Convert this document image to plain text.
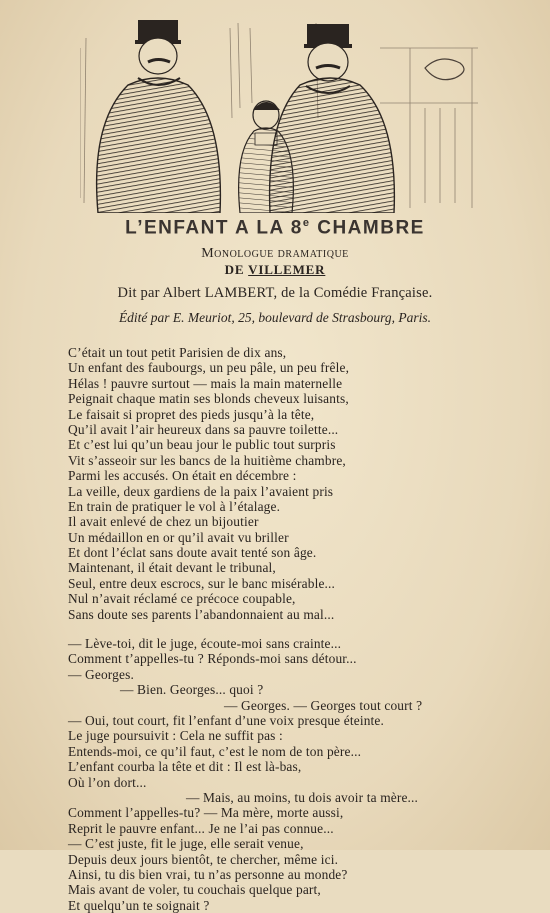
L’ENFANT A LA 8e CHAMBRE
Monologue dramatique
DE VILLEMER
Dit par Albert LAMBERT, de la Comédie Française.
Édité par E. Meuriot, 25, boulevard de Strasbourg, Paris.
C’était un tout petit Parisien de dix ans,
Un enfant des faubourgs, un peu pâle, un peu frêle,
Hélas ! pauvre surtout — mais la main maternelle
Peignait chaque matin ses blonds cheveux luisants,
Le faisait si propret des pieds jusqu’à la tête,
Qu’il avait l’air heureux dans sa pauvre toilette...
Et c’est lui qu’un beau jour le public tout surpris
Vit s’asseoir sur les bancs de la huitième chambre,
Parmi les accusés. On était en décembre :
La veille, deux gardiens de la paix l’avaient pris
En train de pratiquer le vol à l’étalage.
Il avait enlevé de chez un bijoutier
Un médaillon en or qu’il avait vu briller
Et dont l’éclat sans doute avait tenté son âge.
Maintenant, il était devant le tribunal,
Seul, entre deux escrocs, sur le banc misérable...
Nul n’avait réclamé ce précoce coupable,
Sans doute ses parents l’abandonnaient au mal...
— Lève-toi, dit le juge, écoute-moi sans crainte...
Comment t’appelles-tu ? Réponds-moi sans détour...
— Georges.
— Bien. Georges... quoi ?
— Georges. — Georges tout court ?
— Oui, tout court, fit l’enfant d’une voix presque éteinte.
Le juge poursuivit : Cela ne suffit pas :
Entends-moi, ce qu’il faut, c’est le nom de ton père...
L’enfant courba la tête et dit : Il est là-bas,
Où l’on dort...
— Mais, au moins, tu dois avoir ta mère...
Comment l’appelles-tu? — Ma mère, morte aussi,
Reprit le pauvre enfant... Je ne l’ai pas connue...
— C’est juste, fit le juge, elle serait venue,
Depuis deux jours bientôt, te chercher, même ici.
Ainsi, tu dis bien vrai, tu n’as personne au monde?
Mais avant de voler, tu couchais quelque part,
Et quelqu’un te soignait ?
